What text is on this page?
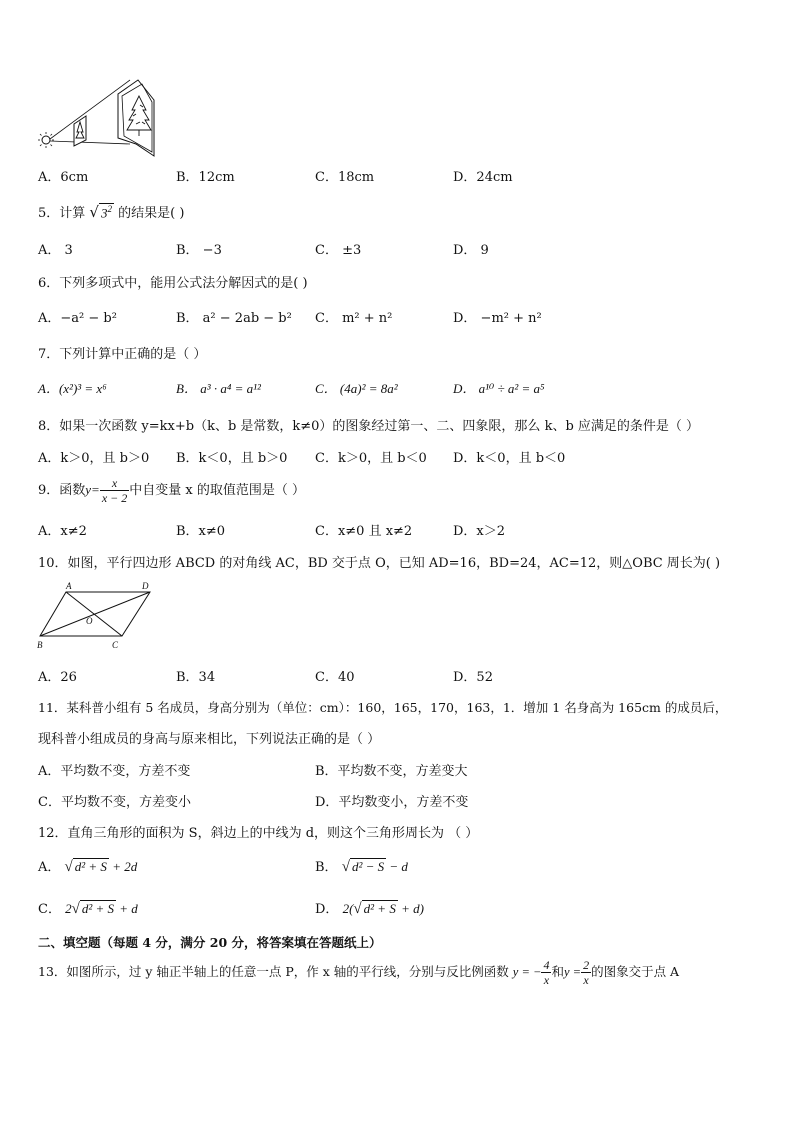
A．6cm	B．12cm	C．18cm	D．24cm
5．计算 √ $3^2$ 的结果是( )
A． 3	B． −3	C． ±3	D． 9
6．下列多项式中，能用公式法分解因式的是( )
A．−a² − b²	B． a² − 2ab − b² C． m² + n²	D． −m² + n²
7．下列计算中正确的是（ ）
A．(x²)³ = x⁶	B． a³ · a⁴ = a¹²	C． (4a)² = 8a²	D． a¹⁰ ÷ a² = a⁵
8．如果一次函数 y=kx+b（k、b 是常数，k≠0）的图象经过第一、二、四象限，那么 k、b 应满足的条件是（ ）
A．k＞0，且 b＞0 B．k＜0，且 b＞0 C．k＞0，且 b＜0 D．k＜0，且 b＜0
9．函数$y= \frac{x}{x - 2}$ 中自变量 x 的取值范围是（ ）
A．x≠2	B．x≠0	C．x≠0 且 x≠2	D．x＞2
10．如图，平行四边形 ABCD 的对角线 AC，BD 交于点 O，已知 AD=16，BD=24，AC=12，则△OBC 周长为( )
A	D
O
B	C
A．26	B．34	C．40	D．52
11．某科普小组有 5 名成员，身高分别为（单位：cm）：160，165，170，163，1．增加 1 名身高为 165cm 的成员后，
现科普小组成员的身高与原来相比，下列说法正确的是（ ）
A．平均数不变，方差不变	B．平均数不变，方差变大
C．平均数不变，方差变小	D．平均数变小，方差不变
12．直角三角形的面积为 S，斜边上的中线为 d，则这个三角形周长为 （ ）
A． √ d² + S + 2d	B． √ d² − S − d
C． 2√ d² + S + d	D． 2(√ d² + S + d)
二、填空题（每题 4 分，满分 20 分，将答案填在答题纸上）
13．如图所示，过 y 轴正半轴上的任意一点 P，作 x 轴的平行线，分别与反比例函数 y = − $\frac{4}{x}$ 和$y = \frac{2}{x}$ 的图象交于点 A
